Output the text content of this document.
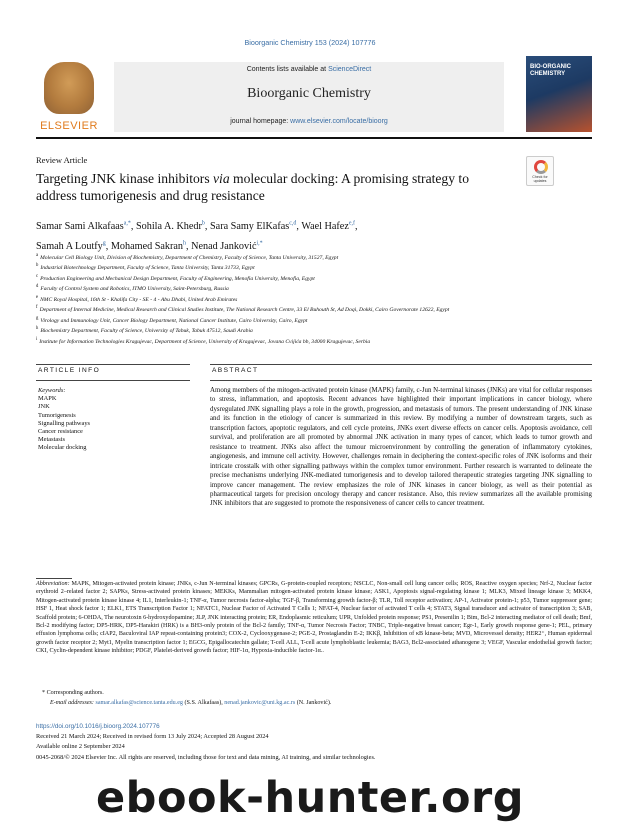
Bioorganic Chemistry 153 (2024) 107776
ELSEVIER
Contents lists available at ScienceDirect
Bioorganic Chemistry
journal homepage: www.elsevier.com/locate/bioorg
BIO-ORGANIC CHEMISTRY
Review Article
Check for updates
Targeting JNK kinase inhibitors via molecular docking: A promising strategy to address tumorigenesis and drug resistance
Samar Sami Alkafaas$^{a,*}$, Sohila A. Khedr$^b$, Sara Samy ElKafas$^{c,d}$, Wael Hafez$^{e,f}$,
Samah A Loutfy$^g$, Mohamed Sakran$^h$, Nenad Janković$^{i,*}$
$^a$ Molecular Cell Biology Unit, Division of Biochemistry, Department of Chemistry, Faculty of Science, Tanta University, 31527, Egypt
$^b$ Industrial Biotechnology Department, Faculty of Science, Tanta University, Tanta 31733, Egypt
$^c$ Production Engineering and Mechanical Design Department, Faculty of Engineering, Menofia University, Menofia, Egypt
$^d$ Faculty of Control System and Robotics, ITMO University, Saint-Petersburg, Russia
$^e$ NMC Royal Hospital, 16th St - Khalifa City - SE - 4 - Abu Dhabi, United Arab Emirates
$^f$ Department of Internal Medicine, Medical Research and Clinical Studies Institute, The National Research Centre, 33 El Buhouth St, Ad Doqi, Dokki, Cairo Governorate 12622, Egypt
$^g$ Virology and Immunology Unit, Cancer Biology Department, National Cancer Institute, Cairo University, Cairo, Egypt
$^h$ Biochemistry Department, Faculty of Science, University of Tabuk, Tabuk 47512, Saudi Arabia
$^i$ Institute for Information Technologies Kragujevac, Department of Science, University of Kragujevac, Jovana Cvijića bb, 34000 Kragujevac, Serbia
ARTICLE INFO	ABSTRACT
Keywords:
MAPK
JNK
Tumorigenesis
Signalling pathways
Cancer resistance
Metastasis
Molecular docking
Among members of the mitogen-activated protein kinase (MAPK) family, c-Jun N-terminal kinases (JNKs) are vital for cellular responses to stress, inflammation, and apoptosis. Recent advances have highlighted their important implications in cancer biology, where dysregulated JNK signalling plays a role in the growth, progression, and metastasis of tumors. The present understanding of JNK kinase and its function in the etiology of cancer is summarized in this review. By modifying a number of downstream targets, such as transcription factors, apoptotic regulators, and cell cycle proteins, JNKs exert diverse effects on cancer cells. Apoptosis avoidance, cell survival, and proliferation are all promoted by abnormal JNK activation in many types of cancer, which leads to tumor growth and resistance to treatment. JNKs also affect the tumour microenvironment by controlling the generation of inflammatory cytokines, angiogenesis, and immune cell activity. However, challenges remain in deciphering the context-specific roles of JNK isoforms and their intricate crosstalk with other signalling pathways within the complex tumor environment. Further research is warranted to delineate the precise mechanisms underlying JNK-mediated tumorigenesis and to develop tailored therapeutic strategies targeting JNK signalling to improve cancer management. The review emphasizes the role of JNK kinases in cancer biology, as well as their potential as pharmaceutical targets for precision oncology therapy and cancer resistance. Also, this review summarizes all the available promising JNK inhibitors that are suggested to promote the responsiveness of cancer cells to cancer treatment.
Abbreviation: MAPK, Mitogen-activated protein kinase; JNKs, c-Jun N-terminal kinases; GPCRs, G-protein-coupled receptors; NSCLC, Non-small cell lung cancer cells; ROS, Reactive oxygen species; Nrf-2, Nuclear factor erythroid 2–related factor 2; SAPKs, Stress-activated protein kinases; MEKKs, Mammalian mitogen-activated protein kinase kinase; ASK1, Apoptosis signal-regulating kinase 1; MLK3, Mixed lineage kinase 3; MKK4, Mitogen-activated protein kinase kinase 4; IL1, Interleukin-1; TNF-α, Tumor necrosis factor-alpha; TGF-β, Transforming growth factor-β; TLR, Toll receptor activation; AP-1, Activator protein-1; p53, Tumor suppressor gene; HSF 1, Heat shock factor 1; ELK1, ETS Transcription Factor 1; NFATC1, Nuclear Factor of Activated T Cells 1; NFAT-4, Nuclear factor of activated T cells 4; STAT3, Signal transducer and activator of transcription 3; SAB, Scaffold protein; 6-OHDA, The neurotoxin 6-hydroxydopamine; JLP, JNK interacting protein; ER, Endoplasmic reticulum; UPR, Unfolded protein response; PS1, Presenilin 1; Bim, Bcl-2 interacting mediator of cell death; Bmf, Bcl-2 modifying factor; DP5-HRK, DP5-Harakiri (HRK) is a BH3-only protein of the Bcl-2 family; TNF-α, Tumor Necrosis Factor; TNBC, Triple-negative breast cancer; Egr-1, Early growth response gene-1; PEL, primary effusion lymphoma cells; cIAP2, Baculoviral IAP repeat-containing protein3; COX-2, Cyclooxygenase-2; PGE-2, Prostaglandin E-2; IKKβ, Inhibition of κB kinase-beta; MVD, Microvessel density; HER2⁺, Human epidermal growth factor receptor 2; Myt1, Myelin transcription factor 1; EGCG, Epigallocatechin gallate; T-cell ALL, T-cell acute lymphoblastic leukemia; BAG3, Bcl2-associated athanogene 3; VEGF, Vascular endothelial growth factor; CKI, Cyclin-dependent kinase inhibitor; PDGF, Platelet-derived growth factor; HIF-1α, Hypoxia-inducible factor-1α..
* Corresponding authors.
E-mail addresses: samar.alkafas@science.tanta.edu.eg (S.S. Alkafaas), nenad.jankovic@uni.kg.ac.rs (N. Janković).
https://doi.org/10.1016/j.bioorg.2024.107776
Received 21 March 2024; Received in revised form 13 July 2024; Accepted 28 August 2024
Available online 2 September 2024
0045-2068/© 2024 Elsevier Inc. All rights are reserved, including those for text and data mining, AI training, and similar technologies.
ebook-hunter.org
